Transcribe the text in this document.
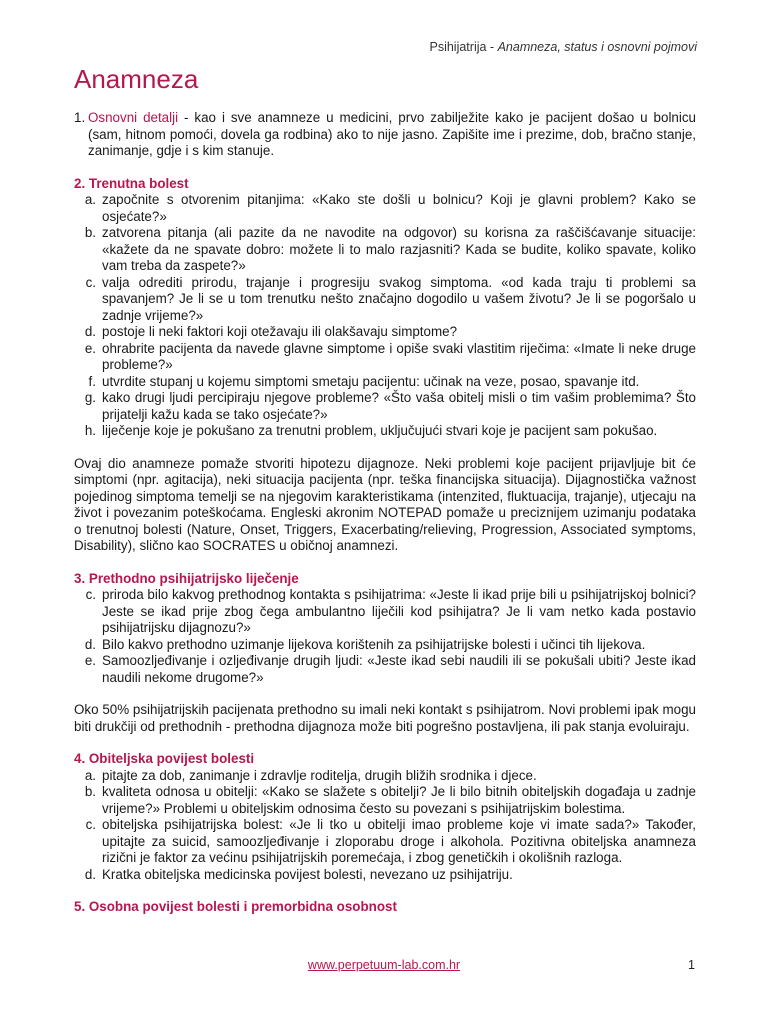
Psihijatrija - Anamneza, status i osnovni pojmovi
Anamneza
1. Osnovni detalji - kao i sve anamneze u medicini, prvo zabilježite kako je pacijent došao u bolnicu (sam, hitnom pomoći, dovela ga rodbina) ako to nije jasno. Zapišite ime i prezime, dob, bračno stanje, zanimanje, gdje i s kim stanuje.

2. Trenutna bolest

a. započnite s otvorenim pitanjima: «Kako ste došli u bolnicu? Koji je glavni problem? Kako se osjećate?»
b. zatvorena pitanja (ali pazite da ne navodite na odgovor) su korisna za raščišćavanje situacije: «kažete da ne spavate dobro: možete li to malo razjasniti? Kada se budite, koliko spavate, koliko vam treba da zaspete?»
c. valja odrediti prirodu, trajanje i progresiju svakog simptoma. «od kada traju ti problemi sa spavanjem? Je li se u tom trenutku nešto značajno dogodilo u vašem životu? Je li se pogoršalo u zadnje vrijeme?»
d. postoje li neki faktori koji otežavaju ili olakšavaju simptome?
e. ohrabrite pacijenta da navede glavne simptome i opiše svaki vlastitim riječima: «Imate li neke druge probleme?»
f. utvrdite stupanj u kojemu simptomi smetaju pacijentu: učinak na veze, posao, spavanje itd.
g. kako drugi ljudi percipiraju njegove probleme? «Što vaša obitelj misli o tim vašim problemima? Što prijatelji kažu kada se tako osjećate?»
h. liječenje koje je pokušano za trenutni problem, uključujući stvari koje je pacijent sam pokušao.

Ovaj dio anamneze pomaže stvoriti hipotezu dijagnoze. Neki problemi koje pacijent prijavljuje bit će simptomi (npr. agitacija), neki situacija pacijenta (npr. teška financijska situacija). Dijagnostička važnost pojedinog simptoma temelji se na njegovim karakteristikama (intenzited, fluktuacija, trajanje), utjecaju na život i povezanim poteškoćama. Engleski akronim NOTEPAD pomaže u preciznijem uzimanju podataka o trenutnoj bolesti (Nature, Onset, Triggers, Exacerbating/relieving, Progression, Associated symptoms, Disability), slično kao SOCRATES u običnoj anamnezi.

3. Prethodno psihijatrijsko liječenje

c. priroda bilo kakvog prethodnog kontakta s psihijatrima: «Jeste li ikad prije bili u psihijatrijskoj bolnici? Jeste se ikad prije zbog čega ambulantno liječili kod psihijatra? Je li vam netko kada postavio psihijatrijsku dijagnozu?»
d. Bilo kakvo prethodno uzimanje lijekova korištenih za psihijatrijske bolesti i učinci tih lijekova.
e. Samoozljeđivanje i ozljeđivanje drugih ljudi: «Jeste ikad sebi naudili ili se pokušali ubiti? Jeste ikad naudili nekome drugome?»

Oko 50% psihijatrijskih pacijenata prethodno su imali neki kontakt s psihijatrom. Novi problemi ipak mogu biti drukčiji od prethodnih - prethodna dijagnoza može biti pogrešno postavljena, ili pak stanja evoluiraju.

4. Obiteljska povijest bolesti

a. pitajte za dob, zanimanje i zdravlje roditelja, drugih bližih srodnika i djece.
b. kvaliteta odnosa u obitelji: «Kako se slažete s obitelji? Je li bilo bitnih obiteljskih događaja u zadnje vrijeme?» Problemi u obiteljskim odnosima često su povezani s psihijatrijskim bolestima.
c. obiteljska psihijatrijska bolest: «Je li tko u obitelji imao probleme koje vi imate sada?» Također, upitajte za suicid, samoozljeđivanje i zloporabu droge i alkohola. Pozitivna obiteljska anamneza rizični je faktor za većinu psihijatrijskih poremećaja, i zbog genetičkih i okolišnih razloga.
d. Kratka obiteljska medicinska povijest bolesti, nevezano uz psihijatriju.

5. Osobna povijest bolesti i premorbidna osobnost

www.perpetuum-lab.com.hr	1
